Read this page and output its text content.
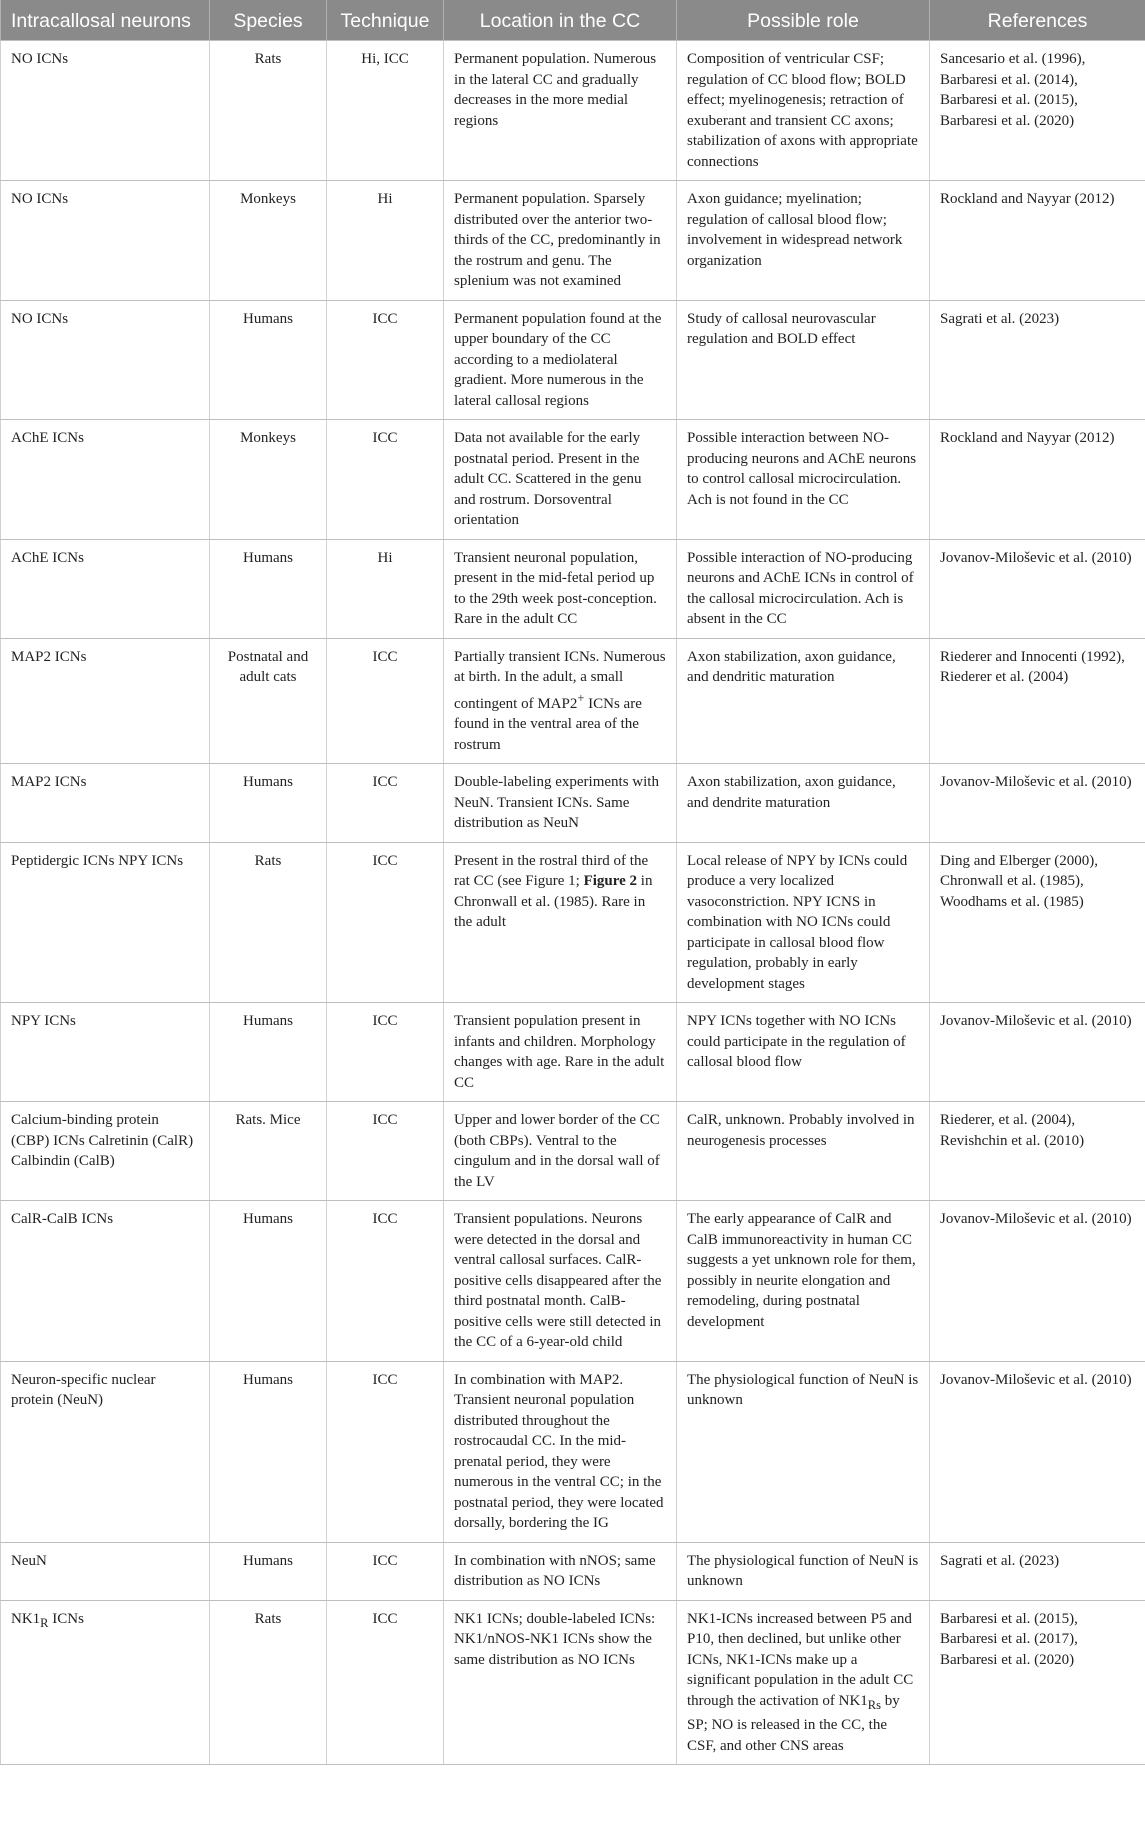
Intracallosal neurons	Species	Technique	Location in the CC	Possible role	References
NO ICNs	Rats	Hi, ICC	Permanent population. Numerous in the lateral CC and gradually decreases in the more medial regions	Composition of ventricular CSF; regulation of CC blood flow; BOLD effect; myelinogenesis; retraction of exuberant and transient CC axons; stabilization of axons with appropriate connections	Sancesario et al. (1996), Barbaresi et al. (2014), Barbaresi et al. (2015), Barbaresi et al. (2020)
NO ICNs	Monkeys	Hi	Permanent population. Sparsely distributed over the anterior two-thirds of the CC, predominantly in the rostrum and genu. The splenium was not examined	Axon guidance; myelination; regulation of callosal blood flow; involvement in widespread network organization	Rockland and Nayyar (2012)
NO ICNs	Humans	ICC	Permanent population found at the upper boundary of the CC according to a mediolateral gradient. More numerous in the lateral callosal regions	Study of callosal neurovascular regulation and BOLD effect	Sagrati et al. (2023)
AChE ICNs	Monkeys	ICC	Data not available for the early postnatal period. Present in the adult CC. Scattered in the genu and rostrum. Dorsoventral orientation	Possible interaction between NO-producing neurons and AChE neurons to control callosal microcirculation. Ach is not found in the CC	Rockland and Nayyar (2012)
AChE ICNs	Humans	Hi	Transient neuronal population, present in the mid-fetal period up to the 29th week post-conception. Rare in the adult CC	Possible interaction of NO-producing neurons and AChE ICNs in control of the callosal microcirculation. Ach is absent in the CC	Jovanov-Miloševic et al. (2010)
MAP2 ICNs	Postnatal and adult cats	ICC	Partially transient ICNs. Numerous at birth. In the adult, a small contingent of MAP2+ ICNs are found in the ventral area of the rostrum	Axon stabilization, axon guidance, and dendritic maturation	Riederer and Innocenti (1992), Riederer et al. (2004)
MAP2 ICNs	Humans	ICC	Double-labeling experiments with NeuN. Transient ICNs. Same distribution as NeuN	Axon stabilization, axon guidance, and dendrite maturation	Jovanov-Miloševic et al. (2010)
Peptidergic ICNs NPY ICNs	Rats	ICC	Present in the rostral third of the rat CC (see Figure 1; Figure 2 in Chronwall et al. (1985). Rare in the adult	Local release of NPY by ICNs could produce a very localized vasoconstriction. NPY ICNS in combination with NO ICNs could participate in callosal blood flow regulation, probably in early development stages	Ding and Elberger (2000), Chronwall et al. (1985), Woodhams et al. (1985)
NPY ICNs	Humans	ICC	Transient population present in infants and children. Morphology changes with age. Rare in the adult CC	NPY ICNs together with NO ICNs could participate in the regulation of callosal blood flow	Jovanov-Miloševic et al. (2010)
Calcium-binding protein (CBP) ICNs Calretinin (CalR) Calbindin (CalB)	Rats. Mice	ICC	Upper and lower border of the CC (both CBPs). Ventral to the cingulum and in the dorsal wall of the LV	CalR, unknown. Probably involved in neurogenesis processes	Riederer, et al. (2004), Revishchin et al. (2010)
CalR-CalB ICNs	Humans	ICC	Transient populations. Neurons were detected in the dorsal and ventral callosal surfaces. CalR-positive cells disappeared after the third postnatal month. CalB-positive cells were still detected in the CC of a 6-year-old child	The early appearance of CalR and CalB immunoreactivity in human CC suggests a yet unknown role for them, possibly in neurite elongation and remodeling, during postnatal development	Jovanov-Miloševic et al. (2010)
Neuron-specific nuclear protein (NeuN)	Humans	ICC	In combination with MAP2. Transient neuronal population distributed throughout the rostrocaudal CC. In the mid-prenatal period, they were numerous in the ventral CC; in the postnatal period, they were located dorsally, bordering the IG	The physiological function of NeuN is unknown	Jovanov-Miloševic et al. (2010)
NeuN	Humans	ICC	In combination with nNOS; same distribution as NO ICNs	The physiological function of NeuN is unknown	Sagrati et al. (2023)
$NK1_R$ ICNs	Rats	ICC	NK1 ICNs; double-labeled ICNs: NK1/nNOS-NK1 ICNs show the same distribution as NO ICNs	NK1-ICNs increased between P5 and P10, then declined, but unlike other ICNs, NK1-ICNs make up a significant population in the adult CC through the activation of $NK1_{Rs}$ by SP; NO is released in the CC, the CSF, and other CNS areas	Barbaresi et al. (2015), Barbaresi et al. (2017), Barbaresi et al. (2020)
